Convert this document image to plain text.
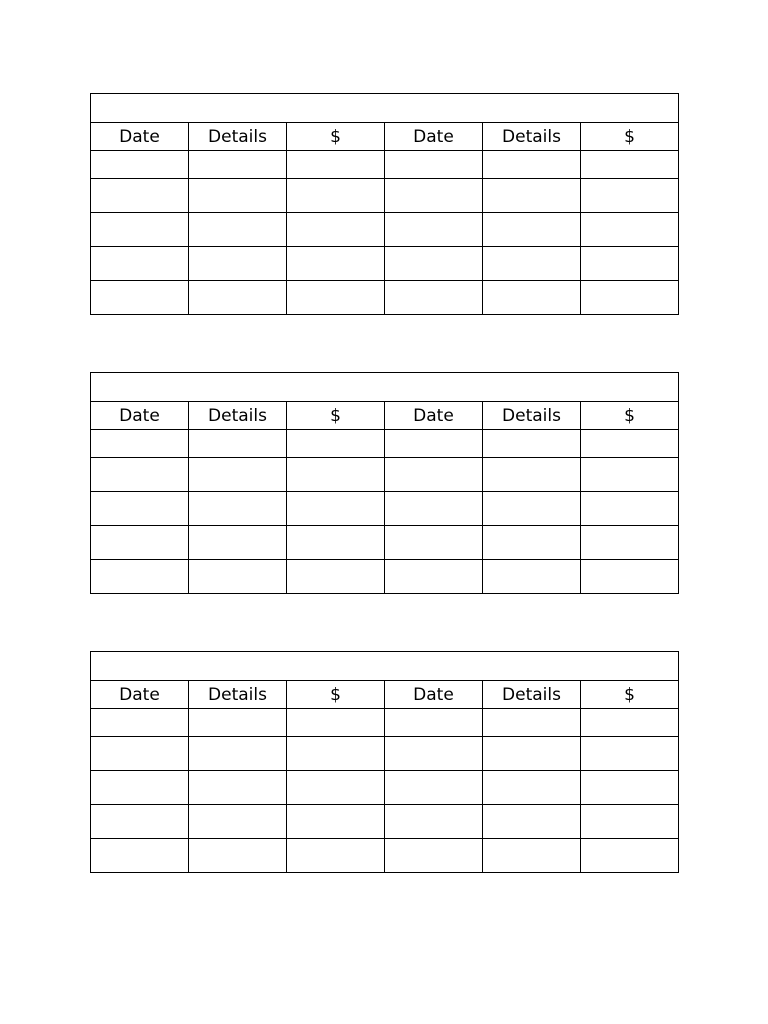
Date	Details	$	Date	Details	$

Date	Details	$	Date	Details	$

Date	Details	$	Date	Details	$
